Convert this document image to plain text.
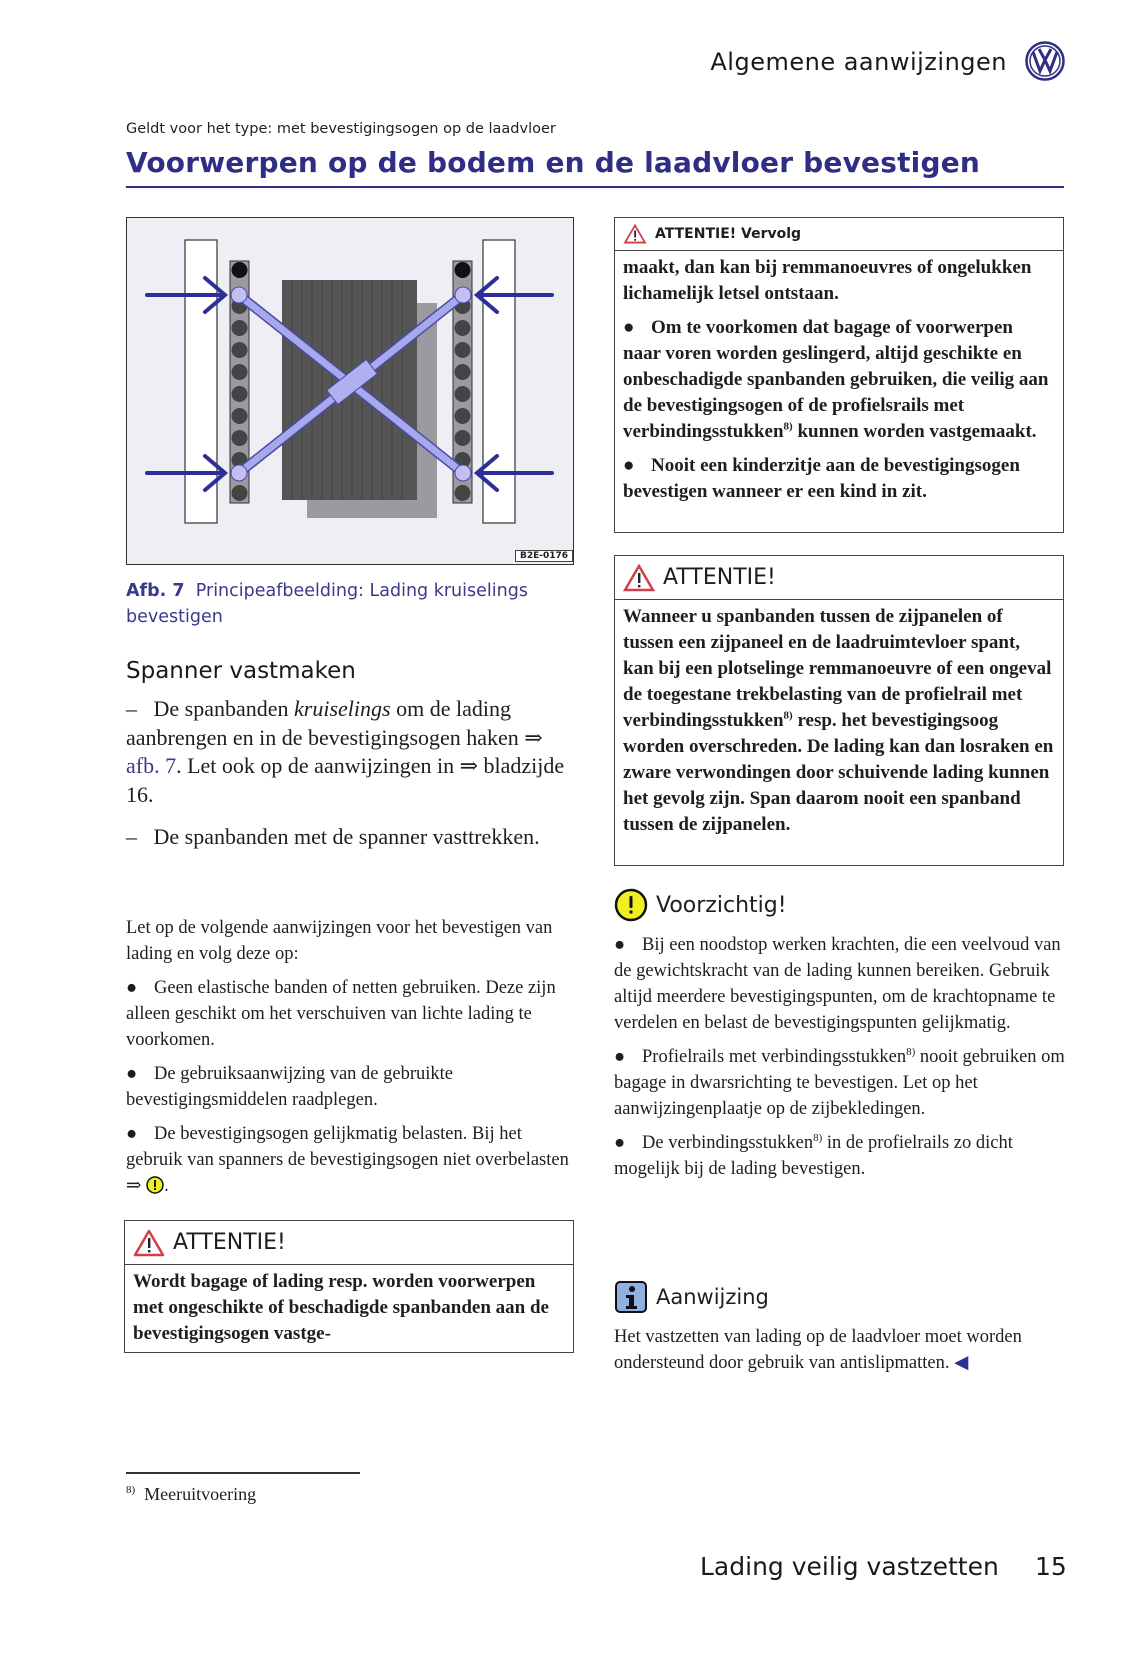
Algemene aanwijzingen
Geldt voor het type: met bevestigingsogen op de laadvloer
Voorwerpen op de bodem en de laadvloer bevestigen
B2E-0176
Afb. 7 Principeafbeelding: Lading kruiselings bevestigen
Spanner vastmaken

– De spanbanden kruiselings om de lading aanbrengen en in de bevestigingsogen haken ⇒ afb. 7. Let ook op de aanwijzingen in ⇒ bladzijde 16.

– De spanbanden met de spanner vasttrekken.

Let op de volgende aanwijzingen voor het bevestigen van lading en volg deze op:

● Geen elastische banden of netten gebruiken. Deze zijn alleen geschikt om het verschuiven van lichte lading te voorkomen.

● De gebruiksaanwijzing van de gebruikte bevestigingsmiddelen raadplegen.

● De bevestigingsogen gelijkmatig belasten. Bij het gebruik van spanners de bevestigingsogen niet overbelasten ⇒ .

ATTENTIE!
Wordt bagage of lading resp. worden voorwerpen met ongeschikte of beschadigde spanbanden aan de bevestigingsogen vastge-
ATTENTIE! Vervolg

maakt, dan kan bij remmanoeuvres of ongelukken lichamelijk letsel ontstaan.

● Om te voorkomen dat bagage of voorwerpen naar voren worden geslingerd, altijd geschikte en onbeschadigde spanbanden gebruiken, die veilig aan de bevestigingsogen of de profielsrails met verbindingsstukken$^{8)}$ kunnen worden vastgemaakt.

● Nooit een kinderzitje aan de bevestigingsogen bevestigen wanneer er een kind in zit.

ATTENTIE!
Wanneer u spanbanden tussen de zijpanelen of tussen een zijpaneel en de laadruimtevloer spant, kan bij een plotselinge remmanoeuvre of een ongeval de toegestane trekbelasting van de profielrail met verbindingsstukken$^{8)}$ resp. het bevestigingsoog worden overschreden. De lading kan dan losraken en zware verwondingen door schuivende lading kunnen het gevolg zijn. Span daarom nooit een spanband tussen de zijpanelen.
Voorzichtig!

● Bij een noodstop werken krachten, die een veelvoud van de gewichtskracht van de lading kunnen bereiken. Gebruik altijd meerdere bevestigingspunten, om de krachtopname te verdelen en belast de bevestigingspunten gelijkmatig.

● Profielrails met verbindingsstukken$^{8)}$ nooit gebruiken om bagage in dwarsrichting te bevestigen. Let op het aanwijzingenplaatje op de zijbekledingen.

● De verbindingsstukken$^{8)}$ in de profielrails zo dicht mogelijk bij de lading bevestigen.

Aanwijzing
Het vastzetten van lading op de laadvloer moet worden ondersteund door gebruik van antislipmatten. ◀
$^{8)}$ Meeruitvoering
Lading veilig vastzetten 15
